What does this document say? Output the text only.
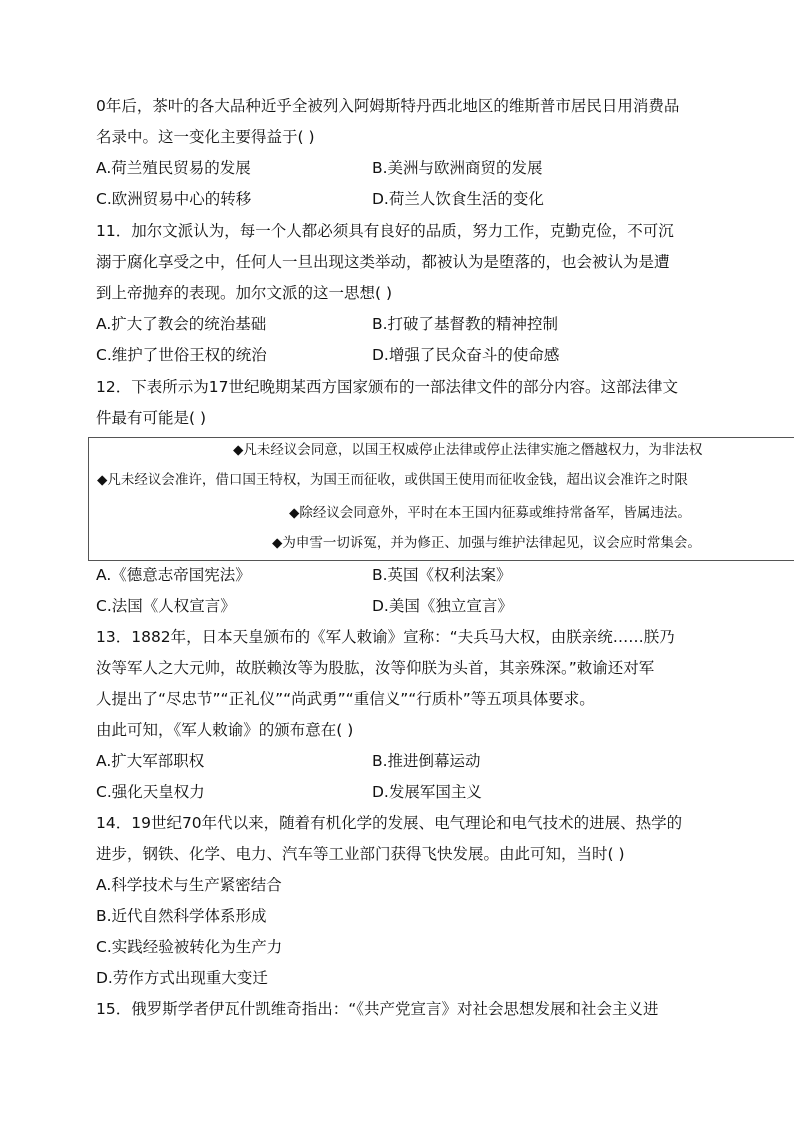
0年后，茶叶的各大品种近乎全被列入阿姆斯特丹西北地区的维斯普市居民日用消费品
名录中。这一变化主要得益于( )
A.荷兰殖民贸易的发展	B.美洲与欧洲商贸的发展
C.欧洲贸易中心的转移	D.荷兰人饮食生活的变化
11．加尔文派认为，每一个人都必须具有良好的品质，努力工作，克勤克俭，不可沉
溺于腐化享受之中，任何人一旦出现这类举动，都被认为是堕落的，也会被认为是遭
到上帝抛弃的表现。加尔文派的这一思想( )
A.扩大了教会的统治基础	B.打破了基督教的精神控制
C.维护了世俗王权的统治	D.增强了民众奋斗的使命感
12．下表所示为17世纪晚期某西方国家颁布的一部法律文件的部分内容。这部法律文
件最有可能是( )
◆凡未经议会同意，以国王权威停止法律或停止法律实施之僭越权力，为非法权
◆凡未经议会准许，借口国王特权，为国王而征收，或供国王使用而征收金钱，超出议会准许之时限
◆除经议会同意外，平时在本王国内征募或维持常备军，皆属违法。
◆为申雪一切诉冤，并为修正、加强与维护法律起见，议会应时常集会。
A.《德意志帝国宪法》	B.英国《权利法案》
C.法国《人权宣言》	D.美国《独立宣言》
13．1882年，日本天皇颁布的《军人敕谕》宣称：“夫兵马大权，由朕亲统……朕乃
汝等军人之大元帅，故朕赖汝等为股肱，汝等仰朕为头首，其亲殊深。”敕谕还对军
人提出了“尽忠节”“正礼仪”“尚武勇”“重信义”“行质朴”等五项具体要求。
由此可知，《军人敕谕》的颁布意在( )
A.扩大军部职权	B.推进倒幕运动
C.强化天皇权力	D.发展军国主义
14．19世纪70年代以来，随着有机化学的发展、电气理论和电气技术的进展、热学的
进步，钢铁、化学、电力、汽车等工业部门获得飞快发展。由此可知，当时( )
A.科学技术与生产紧密结合
B.近代自然科学体系形成
C.实践经验被转化为生产力
D.劳作方式出现重大变迁
15．俄罗斯学者伊瓦什凯维奇指出：“《共产党宣言》对社会思想发展和社会主义进
